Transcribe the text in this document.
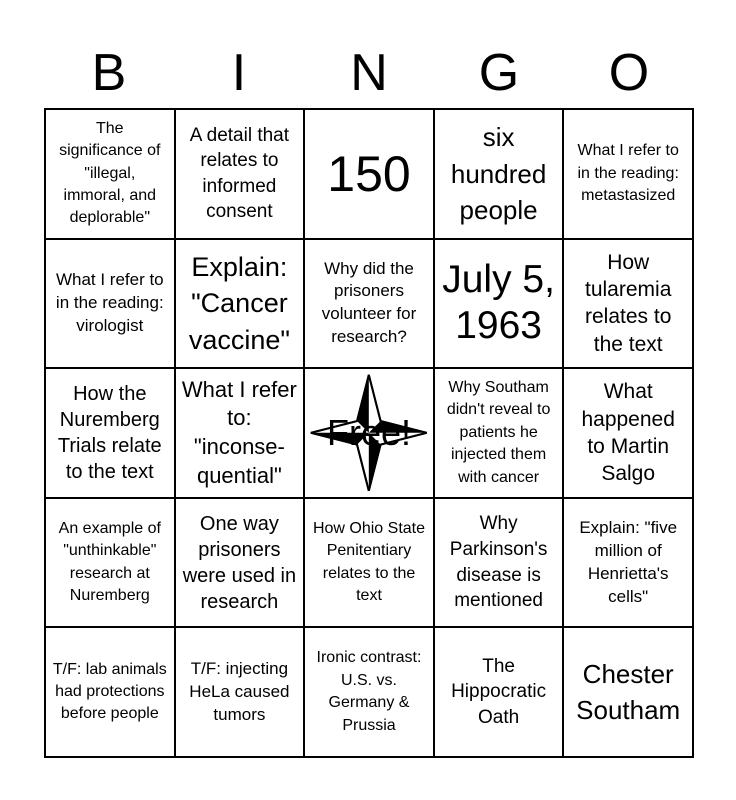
B	I	N	G	O
The significance of "illegal, immoral, and deplorable"
A detail that relates to informed consent
150
six hundred people
What I refer to in the reading: metastasized
What I refer to in the reading: virologist
Explain: "Cancer vaccine"
Why did the prisoners volunteer for research?
July 5, 1963
How tularemia relates to the text
How the Nuremberg Trials relate to the text
What I refer to: "inconse-quential"
Free!
Why Southam didn't reveal to patients he injected them with cancer
What happened to Martin Salgo
An example of "unthinkable" research at Nuremberg
One way prisoners were used in research
How Ohio State Penitentiary relates to the text
Why Parkinson's disease is mentioned
Explain: "five million of Henrietta's cells"
T/F: lab animals had protections before people
T/F: injecting HeLa caused tumors
Ironic contrast: U.S. vs. Germany & Prussia
The Hippocratic Oath
Chester Southam
